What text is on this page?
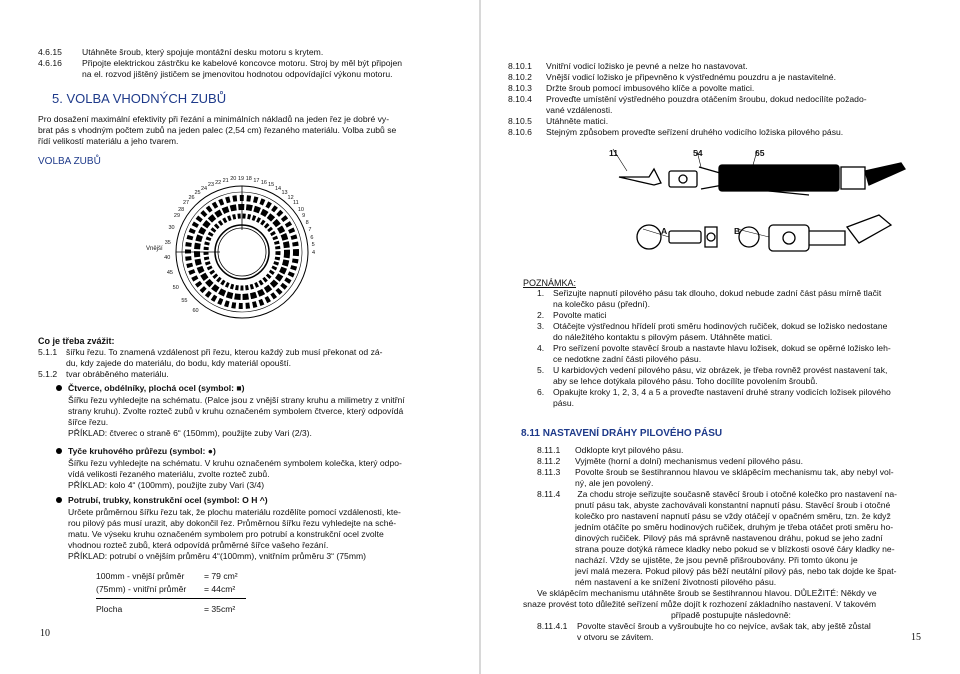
4.6.15 Utáhněte šroub, který spojuje montážní desku motoru s krytem.
4.6.16 Připojte elektrickou zástrčku ke kabelové koncovce motoru. Stroj by měl být připojen
na el. rozvod jištěný jističem se jmenovitou hodnotou odpovídající výkonu motoru.
5. VOLBA VHODNÝCH ZUBŮ
Pro dosažení maximální efektivity při řezání a minimálních nákladů na jeden řez je dobré vy-
brat pás s vhodným počtem zubů na jeden palec (2,54 cm) řezaného materiálu. Volba zubů se
řídí velikostí materiálu a jeho tvarem.
VOLBA ZUBŮ
29
28
27
26
25
24
23 22 21 20 19 18 17 16 15
14
13
12
11
10
9
8
7
6
5
4
30
35
40
45
50
55
60
Vnější
Co je třeba zvážit:
5.1.1 šířku řezu. To znamená vzdálenost při řezu, kterou každý zub musí překonat od zá-
du, kdy zajede do materiálu, do bodu, kdy materiál opouští.
5.1.2 tvar obráběného materiálu.
Čtverce, obdélníky, plochá ocel (symbol: ■)
Šířku řezu vyhledejte na schématu. (Palce jsou z vnější strany kruhu a milimetry z vnitřní
strany kruhu). Zvolte rozteč zubů v kruhu označeném symbolem čtverce, který odpovídá
šířce řezu.
PŘÍKLAD: čtverec o straně 6“ (150mm), použijte zuby Vari (2/3).
Tyče kruhového průřezu (symbol: ●)
Šířku řezu vyhledejte na schématu. V kruhu označeném symbolem kolečka, který odpo-
vídá velikosti řezaného materiálu, zvolte rozteč zubů.
PŘÍKLAD: kolo 4“ (100mm), použijte zuby Vari (3/4)
Potrubí, trubky, konstrukční ocel (symbol: O H ^)
Určete průměrnou šířku řezu tak, že plochu materiálu rozdělíte pomocí vzdálenosti, kte-
rou pilový pás musí urazit, aby dokončil řez. Průměrnou šířku řezu vyhledejte na sché-
matu. Ve výseku kruhu označeném symbolem pro potrubí a konstrukční ocel zvolte
vhodnou rozteč zubů, která odpovídá průměrné šířce vašeho řezání.
PŘÍKLAD: potrubí o vnějším průměru 4“(100mm), vnitřním průměru 3“ (75mm)
100mm - vnější průměr = 79 cm²
(75mm) - vnitřní průměr = 44cm²
Plocha	= 35cm²
10
8.10.1 Vnitřní vodicí ložisko je pevné a nelze ho nastavovat.
8.10.2 Vnější vodicí ložisko je připevněno k výstřednému pouzdru a je nastavitelné.
8.10.3 Držte šroub pomocí imbusového klíče a povolte matici.
8.10.4 Proveďte umístění výstředného pouzdra otáčením šroubu, dokud nedocílíte požado-
vané vzdálenosti.
8.10.5 Utáhněte matici.
8.10.6 Stejným způsobem proveďte seřízení druhého vodicího ložiska pilového pásu.
11	54	65
A	B
POZNÁMKA:
1. Seřizujte napnutí pilového pásu tak dlouho, dokud nebude zadní část pásu mírně tlačit
na kolečko pásu (přední).
2. Povolte matici
3. Otáčejte výstřednou hřídelí proti směru hodinových ručiček, dokud se ložisko nedostane
do náležitého kontaktu s pilovým pásem. Utáhněte matici.
4. Pro seřízení povolte stavěcí šroub a nastavte hlavu ložisek, dokud se opěrné ložisko leh-
ce nedotkne zadní části pilového pásu.
5. U karbidových vedení pilového pásu, viz obrázek, je třeba rovněž provést nastavení tak,
aby se lehce dotýkala pilového pásu. Toho docílíte povolením šroubů.
6. Opakujte kroky 1, 2, 3, 4 a 5 a proveďte nastavení druhé strany vodicích ložisek pilového
pásu.
8.11 NASTAVENÍ DRÁHY PILOVÉHO PÁSU
8.11.1 Odklopte kryt pilového pásu.
8.11.2 Vyjměte (horní a dolní) mechanismus vedení pilového pásu.
8.11.3 Povolte šroub se šestihrannou hlavou ve sklápěcím mechanismu tak, aby nebyl vol-
ný, ale jen povolený.
8.11.4 Za chodu stroje seřizujte současně stavěcí šroub i otočné kolečko pro nastavení na-
pnutí pásu tak, abyste zachovávali konstantní napnutí pásu. Stavěcí šroub i otočné
kolečko pro nastavení napnutí pásu se vždy otáčejí v opačném směru, tzn. že když
jedním otáčíte po směru hodinových ručiček, druhým je třeba otáčet proti směru ho-
dinových ručiček. Pilový pás má správně nastavenou dráhu, pokud se jeho zadní
strana pouze dotýká rámece kladky nebo pokud se v blízkosti osové čáry kladky ne-
nachází. Vždy se ujistěte, že jsou pevně přišroubovány. Při tomto úkonu je
jeví malá mezera. Pokud pilový pás běží neutální pilový pás, nebo tak dojde ke špat-
ném nastavení a ke snížení životnosti pilového pásu.
Ve sklápěcím mechanismu utáhněte šroub se šestihrannou hlavou. DŮLEŽITÉ: Někdy ve
snaze provést toto důležité seřízení může dojít k rozhození základního nastavení. V takovém
případě postupujte následovně:
8.11.4.1 Povolte stavěcí šroub a vyšroubujte ho co nejvíce, avšak tak, aby ještě zůstal
v otvoru se závitem.	15
